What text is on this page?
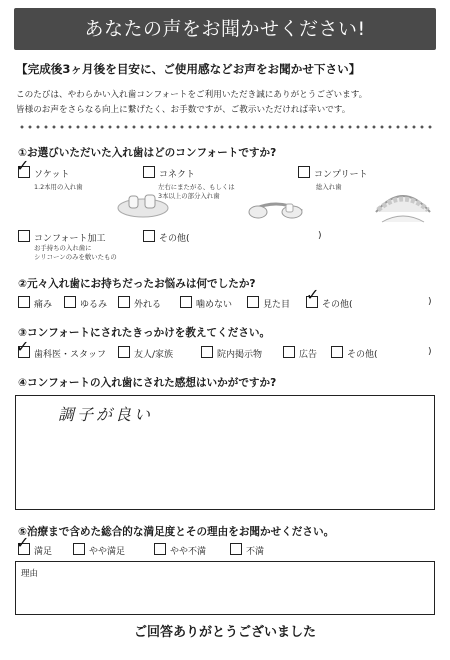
あなたの声をお聞かせください!
【完成後3ヶ月後を目安に、ご使用感などお声をお聞かせ下さい】
このたびは、やわらかい入れ歯コンフォートをご利用いただき誠にありがとうございます。
皆様のお声をさらなる向上に繋げたく、お手数ですが、ご教示いただければ幸いです。
①お選びいただいた入れ歯はどのコンフォートですか?
✓ ソケット
1.2本用の入れ歯
コネクト
左右にまたがる、もしくは
3本以上の部分入れ歯
コンプリート
総入れ歯
コンフォート加工
お手持ちの入れ歯に
シリコーンのみを敷いたもの
その他(	)
②元々入れ歯にお持ちだったお悩みは何でしたか?
痛み	ゆるみ	外れる	噛めない	見た目
✓
その他(	)
③コンフォートにされたきっかけを教えてください。
✓ 歯科医・スタッフ	友人/家族	院内掲示物	広告	その他(	)
④コンフォートの入れ歯にされた感想はいかがですか?
調子が良い
⑤治療まで含めた総合的な満足度とその理由をお聞かせください。
✓ 満足	やや満足	やや不満	不満
理由
ご回答ありがとうございました
